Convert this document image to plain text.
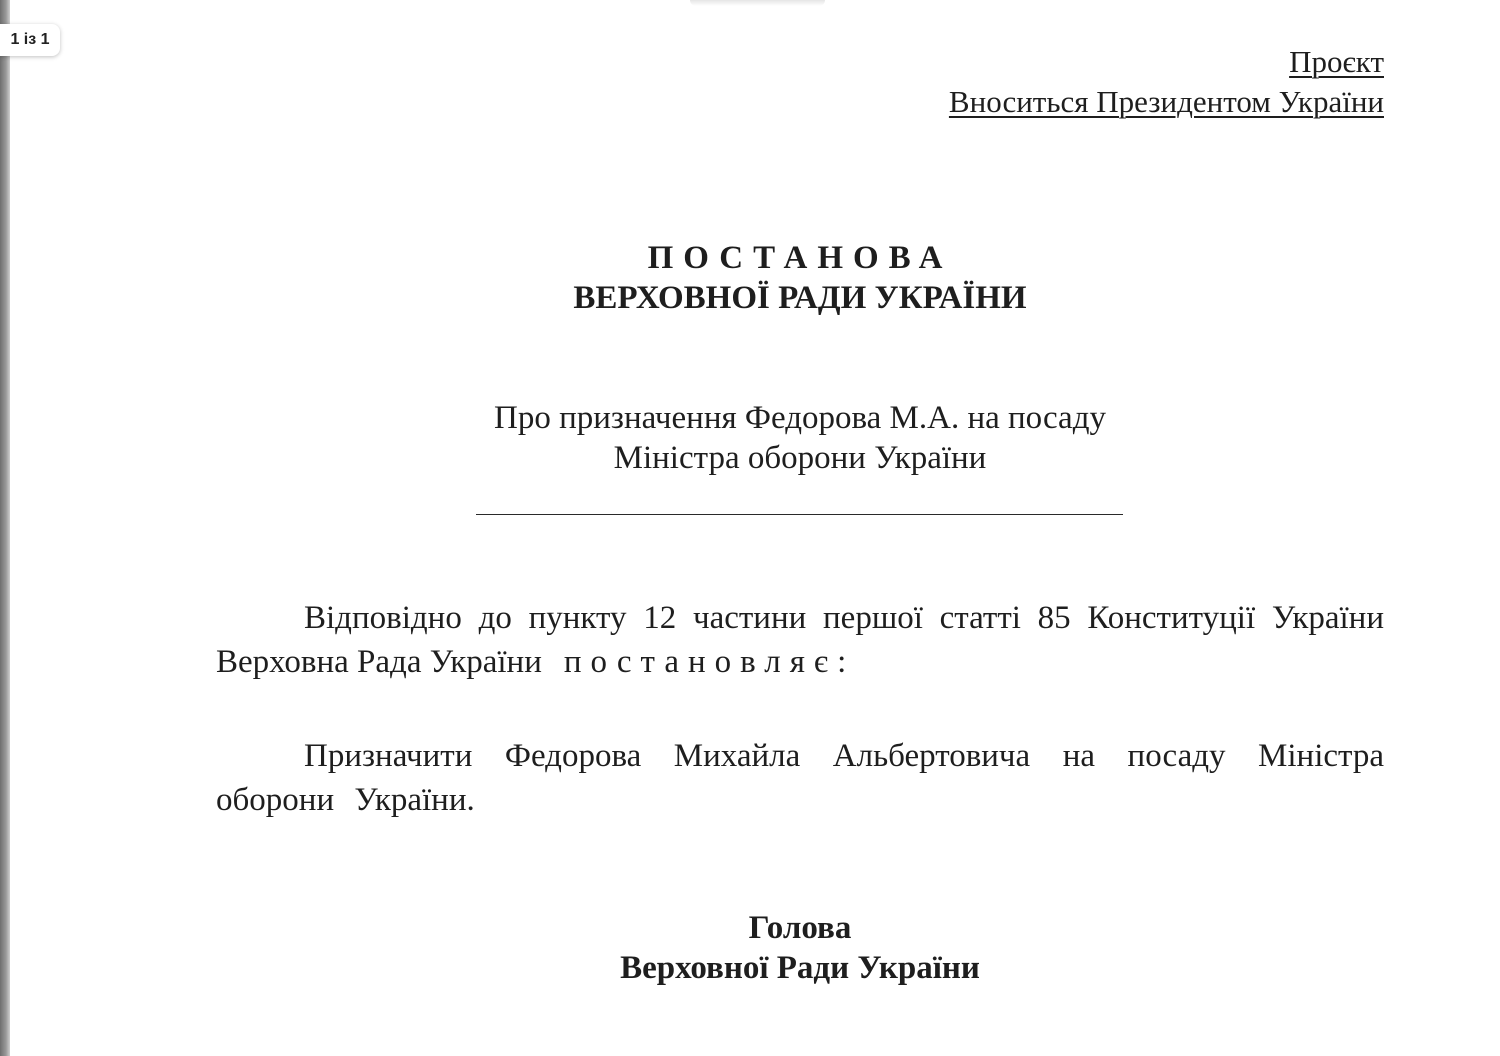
Проєкт
Вноситься Президентом України
ПОСТАНОВА
ВЕРХОВНОЇ РАДИ УКРАЇНИ
Про призначення Федорова М.А. на посаду
Міністра оборони України
Відповідно до пункту 12 частини першої статті 85 Конституції України Верховна Рада України постановляє:
Призначити Федорова Михайла Альбертовича на посаду Міністра оборони України.
Голова
Верховної Ради України
1 із 1
